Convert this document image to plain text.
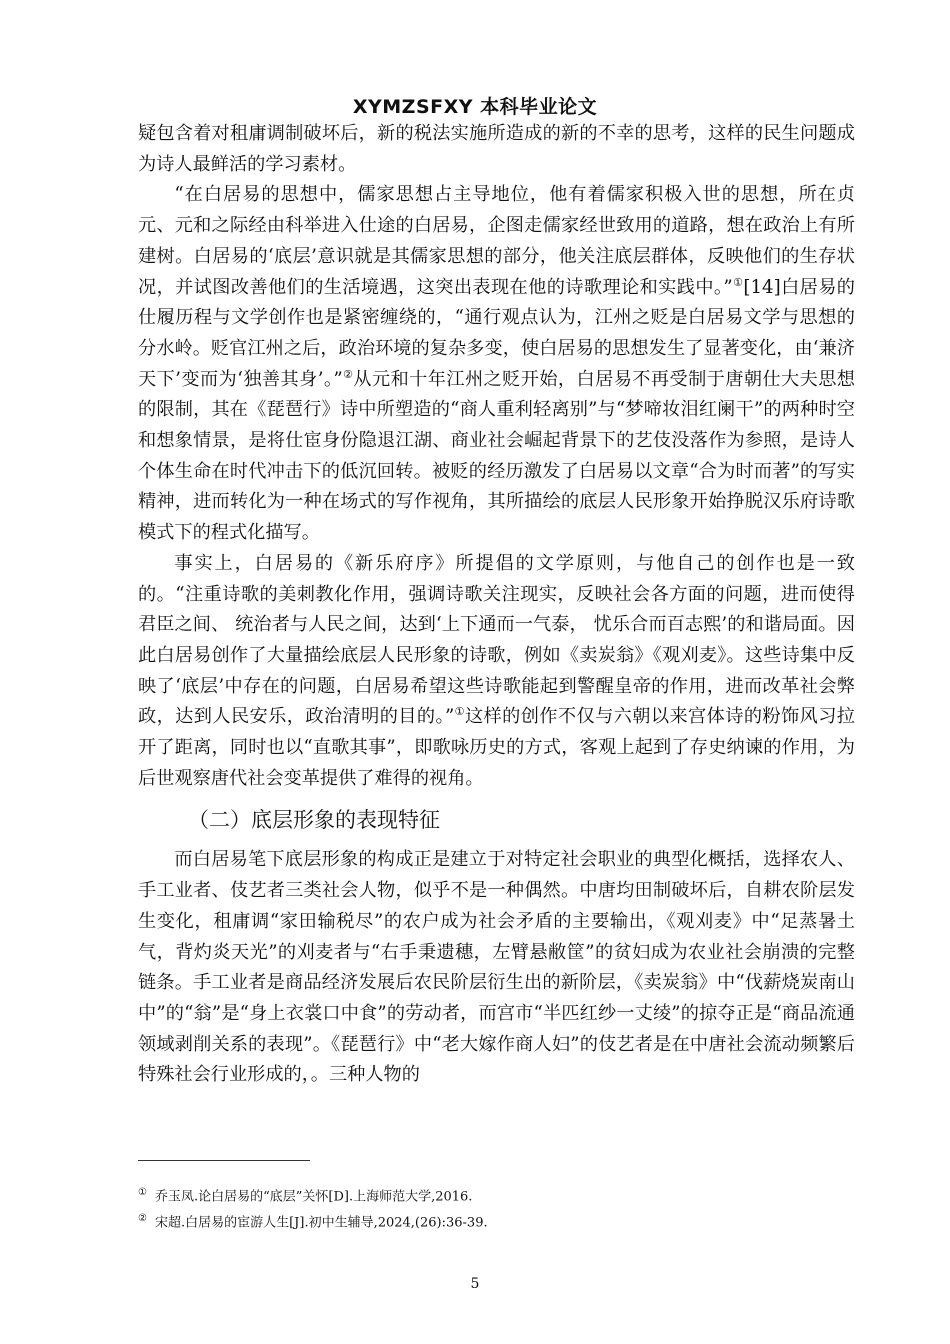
XYMZSFXY 本科毕业论文

疑包含着对租庸调制破坏后，新的税法实施所造成的新的不幸的思考，这样的民生问题成为诗人最鲜活的学习素材。

“在白居易的思想中，儒家思想占主导地位，他有着儒家积极入世的思想，所在贞元、元和之际经由科举进入仕途的白居易，企图走儒家经世致用的道路，想在政治上有所建树。白居易的‘底层’意识就是其儒家思想的部分，他关注底层群体，反映他们的生存状况，并试图改善他们的生活境遇，这突出表现在他的诗歌理论和实践中。”①[14]白居易的仕履历程与文学创作也是紧密缠绕的，“通行观点认为，江州之贬是白居易文学与思想的分水岭。贬官江州之后，政治环境的复杂多变，使白居易的思想发生了显著变化，由‘兼济天下’变而为‘独善其身’。”②从元和十年江州之贬开始，白居易不再受制于唐朝仕大夫思想的限制，其在《琵琶行》诗中所塑造的“商人重利轻离别”与“梦啼妆泪红阑干”的两种时空和想象情景，是将仕宦身份隐退江湖、商业社会崛起背景下的艺伎没落作为参照，是诗人个体生命在时代冲击下的低沉回转。被贬的经历激发了白居易以文章“合为时而著”的写实精神，进而转化为一种在场式的写作视角，其所描绘的底层人民形象开始挣脱汉乐府诗歌模式下的程式化描写。

事实上，白居易的《新乐府序》所提倡的文学原则，与他自己的创作也是一致的。“注重诗歌的美刺教化作用，强调诗歌关注现实，反映社会各方面的问题，进而使得君臣之间、 统治者与人民之间，达到‘上下通而一气泰， 忧乐合而百志熙’的和谐局面。因此白居易创作了大量描绘底层人民形象的诗歌，例如《卖炭翁》《观刈麦》。这些诗集中反映了‘底层’中存在的问题，白居易希望这些诗歌能起到警醒皇帝的作用，进而改革社会弊政，达到人民安乐，政治清明的目的。”①这样的创作不仅与六朝以来宫体诗的粉饰风习拉开了距离，同时也以“直歌其事”，即歌咏历史的方式，客观上起到了存史纳谏的作用，为后世观察唐代社会变革提供了难得的视角。

（二）底层形象的表现特征

而白居易笔下底层形象的构成正是建立于对特定社会职业的典型化概括，选择农人、手工业者、伎艺者三类社会人物，似乎不是一种偶然。中唐均田制破坏后，自耕农阶层发生变化，租庸调“家田输税尽”的农户成为社会矛盾的主要输出，《观刈麦》中“足蒸暑土气，背灼炎天光”的刈麦者与“右手秉遗穗，左臂悬敝筐”的贫妇成为农业社会崩溃的完整链条。手工业者是商品经济发展后农民阶层衍生出的新阶层，《卖炭翁》中“伐薪烧炭南山中”的“翁”是“身上衣裳口中食”的劳动者，而宫市“半匹红纱一丈绫”的掠夺正是“商品流通领域剥削关系的表现”。《琵琶行》中“老大嫁作商人妇”的伎艺者是在中唐社会流动频繁后特殊社会行业形成的，。三种人物的

① 乔玉凤.论白居易的“底层”关怀[D].上海师范大学,2016.

② 宋超.白居易的宦游人生[J].初中生辅导,2024,(26):36-39.

5
